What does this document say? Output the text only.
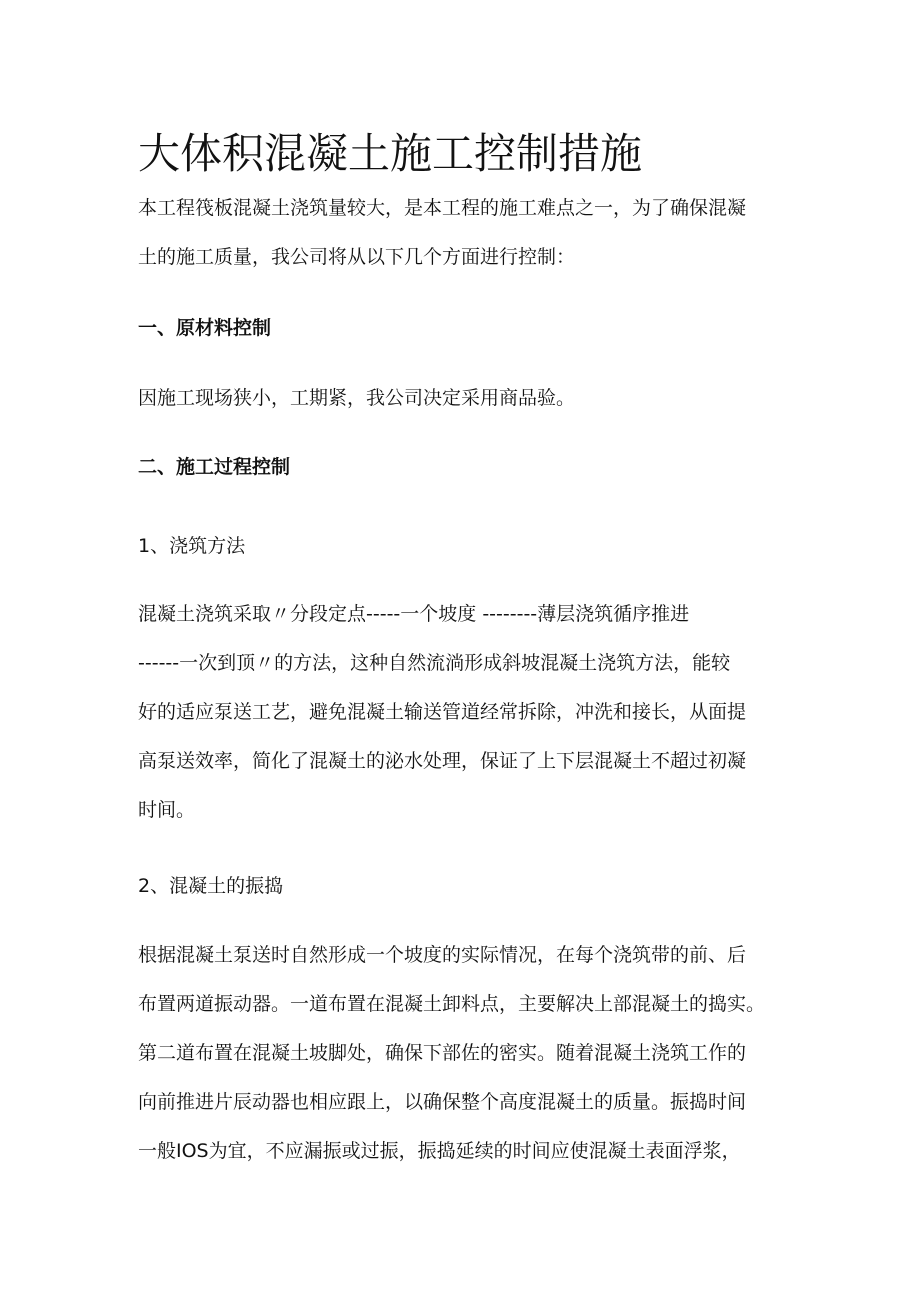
大体积混凝土施工控制措施

本工程筏板混凝土浇筑量较大，是本工程的施工难点之一，为了确保混凝
土的施工质量，我公司将从以下几个方面进行控制：

一、原材料控制

因施工现场狭小，工期紧，我公司决定采用商品验。

二、施工过程控制
1、浇筑方法

混凝土浇筑采取〃分段定点-----一个坡度 --------薄层浇筑循序推进
------一次到顶〃的方法，这种自然流淌形成斜坡混凝土浇筑方法，能较
好的适应泵送工艺，避免混凝土输送管道经常拆除，冲洗和接长，从面提
高泵送效率，简化了混凝土的泌水处理，保证了上下层混凝土不超过初凝
时间。

2、混凝土的振捣

根据混凝土泵送时自然形成一个坡度的实际情况，在每个浇筑带的前、后
布置两道振动器。一道布置在混凝土卸料点，主要解决上部混凝土的捣实。
第二道布置在混凝土坡脚处，确保下部佐的密实。随着混凝土浇筑工作的
向前推进片辰动器也相应跟上，以确保整个高度混凝土的质量。振捣时间
一般IOS为宜，不应漏振或过振，振捣延续的时间应使混凝土表面浮浆，
